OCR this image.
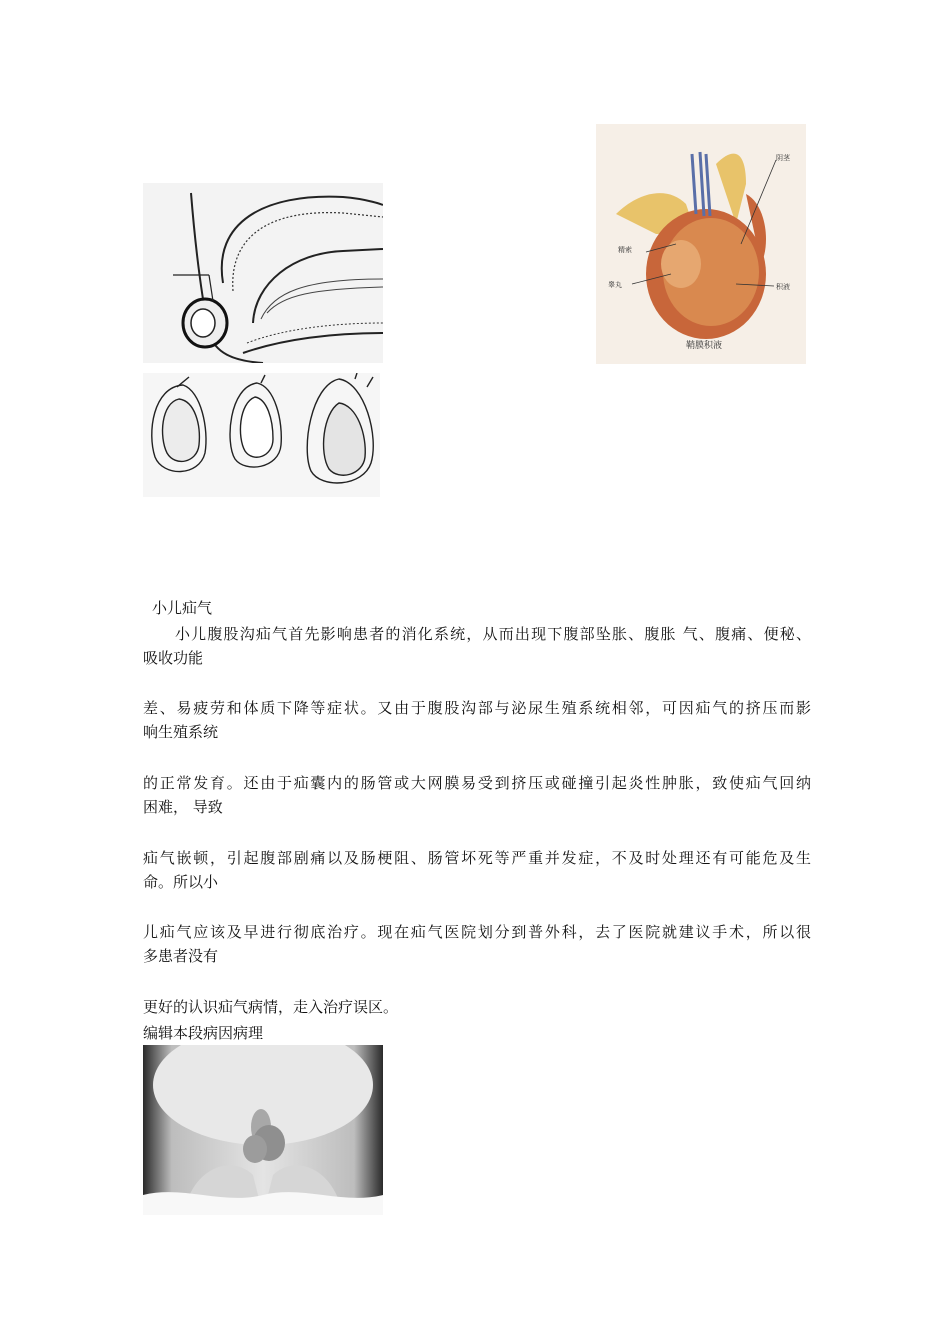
阴茎
精索
睾丸	积液
鞘膜积液
小儿疝气
小儿腹股沟疝气首先影响患者的消化系统，从而出现下腹部坠胀、腹胀 气、腹痛、便秘、
吸收功能
差、易疲劳和体质下降等症状。又由于腹股沟部与泌尿生殖系统相邻，可因疝气的挤压而影
响生殖系统
的正常发育。还由于疝囊内的肠管或大网膜易受到挤压或碰撞引起炎性肿胀，致使疝气回纳
困难， 导致
疝气嵌顿，引起腹部剧痛以及肠梗阻、肠管坏死等严重并发症，不及时处理还有可能危及生
命。所以小
儿疝气应该及早进行彻底治疗。现在疝气医院划分到普外科，去了医院就建议手术，所以很
多患者没有
更好的认识疝气病情，走入治疗误区。
编辑本段病因病理
